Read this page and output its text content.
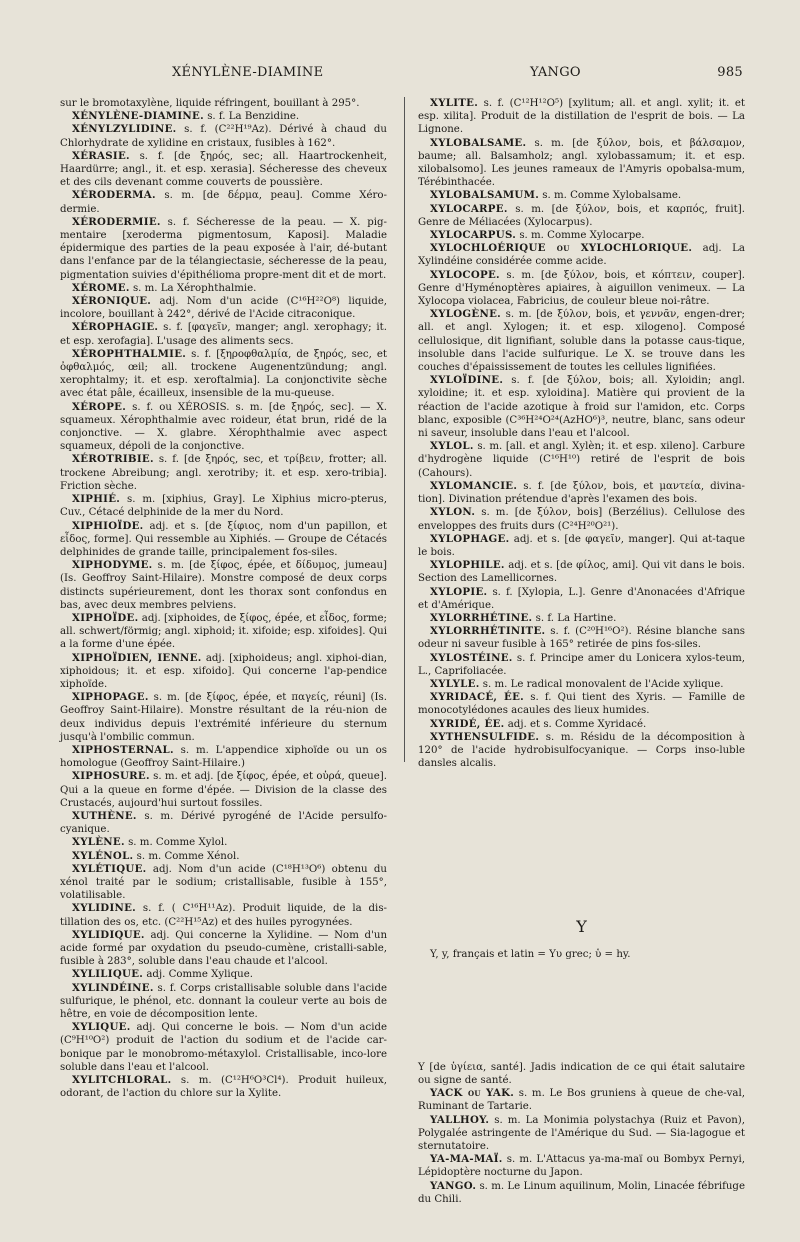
XÉNYLÈNE-DIAMINE	YANGO	985
sur le bromotaxylène, liquide réfringent, bouillant à 295°.
XÉNYLÈNE-DIAMINE. s. f. La Benzidine.
XÉNYLZYLIDINE. s. f. (C²²H¹⁹Az). Dérivé à chaud du Chlorhydrate de xylidine en cristaux, fusibles à 162°.
XÉRASIE. s. f. [de ξηρός, sec; all. Haartrockenheit, Haardürre; angl., it. et esp. xerasia]. Sécheresse des cheveux et des cils devenant comme couverts de poussière.
XÉRODERMA. s. m. [de δέρμα, peau]. Comme Xéro-dermie.
XÉRODERMIE. s. f. Sécheresse de la peau. — X. pig-mentaire [xeroderma pigmentosum, Kaposi]. Maladie épidermique des parties de la peau exposée à l'air, dé-butant dans l'enfance par de la télangiectasie, sécheresse de la peau, pigmentation suivies d'épithélioma propre-ment dit et de mort.
XÉROME. s. m. La Xérophthalmie.
XÉRONIQUE. adj. Nom d'un acide (C¹⁶H²²O⁸) liquide, incolore, bouillant à 242°, dérivé de l'Acide citraconique.
XÉROPHAGIE. s. f. [φαγεῖν, manger; angl. xerophagy; it. et esp. xerofagia]. L'usage des aliments secs.
XÉROPHTHALMIE. s. f. [ξηροφθαλμία, de ξηρός, sec, et ὀφθαλμός, œil; all. trockene Augenentzündung; angl. xerophtalmy; it. et esp. xeroftalmia]. La conjonctivite sèche avec état pâle, écailleux, insensible de la mu-queuse.
XÉROPE. s. f. ou XÉROSIS. s. m. [de ξηρός, sec]. — X. squameux. Xérophthalmie avec roideur, état brun, ridé de la conjonctive. — X. glabre. Xérophthalmie avec aspect squameux, dépoli de la conjonctive.
XÉROTRIBIE. s. f. [de ξηρός, sec, et τρίβειν, frotter; all. trockene Abreibung; angl. xerotriby; it. et esp. xero-tribia]. Friction sèche.
XIPHIÉ. s. m. [xiphius, Gray]. Le Xiphius micro-pterus, Cuv., Cétacé delphinide de la mer du Nord.
XIPHIOÏDE. adj. et s. [de ξίφιος, nom d'un papillon, et εἶδος, forme]. Qui ressemble au Xiphiés. — Groupe de Cétacés delphinides de grande taille, principalement fos-siles.
XIPHODYME. s. m. [de ξίφος, épée, et δίδυμος, jumeau] (Is. Geoffroy Saint-Hilaire). Monstre composé de deux corps distincts supérieurement, dont les thorax sont confondus en bas, avec deux membres pelviens.
XIPHOÏDE. adj. [xiphoides, de ξίφος, épée, et εἶδος, forme; all. schwert/förmig; angl. xiphoid; it. xifoide; esp. xifoides]. Qui a la forme d'une épée.
XIPHOÏDIEN, IENNE. adj. [xiphoideus; angl. xiphoi-dian, xiphoidous; it. et esp. xifoido]. Qui concerne l'ap-pendice xiphoïde.
XIPHOPAGE. s. m. [de ξίφος, épée, et παγείς, réuni] (Is. Geoffroy Saint-Hilaire). Monstre résultant de la réu-nion de deux individus depuis l'extrémité inférieure du sternum jusqu'à l'ombilic commun.
XIPHOSTERNAL. s. m. L'appendice xiphoïde ou un os homologue (Geoffroy Saint-Hilaire.)
XIPHOSURE. s. m. et adj. [de ξίφος, épée, et οὐρά, queue]. Qui a la queue en forme d'épée. — Division de la classe des Crustacés, aujourd'hui surtout fossiles.
XUTHÈNE. s. m. Dérivé pyrogéné de l'Acide persulfo-cyanique.
XYLÈNE. s. m. Comme Xylol.
XYLÉNOL. s. m. Comme Xénol.
XYLÉTIQUE. adj. Nom d'un acide (C¹⁸H¹³O⁶) obtenu du xénol traité par le sodium; cristallisable, fusible à 155°, volatilisable.
XYLIDINE. s. f. ( C¹⁶H¹¹Az). Produit liquide, de la dis-tillation des os, etc. (C²²H¹⁵Az) et des huiles pyrogynées.
XYLIDIQUE. adj. Qui concerne la Xylidine. — Nom d'un acide formé par oxydation du pseudo-cumène, cristalli-sable, fusible à 283°, soluble dans l'eau chaude et l'alcool.
XYLILIQUE. adj. Comme Xylique.
XYLINDÉINE. s. f. Corps cristallisable soluble dans l'acide sulfurique, le phénol, etc. donnant la couleur verte au bois de hêtre, en voie de décomposition lente.
XYLIQUE. adj. Qui concerne le bois. — Nom d'un acide (C⁹H¹⁰O²) produit de l'action du sodium et de l'acide car-bonique par le monobromo-métaxylol. Cristallisable, inco-lore soluble dans l'eau et l'alcool.
XYLITCHLORAL. s. m. (C¹²H⁶O³Cl⁴). Produit huileux, odorant, de l'action du chlore sur la Xylite.
XYLITE. s. f. (C¹²H¹²O⁵) [xylitum; all. et angl. xylit; it. et esp. xilita]. Produit de la distillation de l'esprit de bois. — La Lignone.
XYLOBALSAME. s. m. [de ξύλον, bois, et βάλσαμον, baume; all. Balsamholz; angl. xylobassamum; it. et esp. xilobalsomo]. Les jeunes rameaux de l'Amyris opobalsa-mum, Térébinthacée.
XYLOBALSAMUM. s. m. Comme Xylobalsame.
XYLOCARPE. s. m. [de ξύλον, bois, et καρπός, fruit]. Genre de Méliacées (Xylocarpus).
XYLOCARPUS. s. m. Comme Xylocarpe.
XYLOCHLOÉRIQUE ou XYLOCHLORIQUE. adj. La Xylindéine considérée comme acide.
XYLOCOPE. s. m. [de ξύλον, bois, et κόπτειν, couper]. Genre d'Hyménoptères apiaires, à aiguillon venimeux. — La Xylocopa violacea, Fabricius, de couleur bleue noi-râtre.
XYLOGÈNE. s. m. [de ξύλον, bois, et γεννᾶν, engen-drer; all. et angl. Xylogen; it. et esp. xilogeno]. Composé cellulosique, dit lignifiant, soluble dans la potasse caus-tique, insoluble dans l'acide sulfurique. Le X. se trouve dans les couches d'épaississement de toutes les cellules lignifiées.
XYLOÏDINE. s. f. [de ξύλον, bois; all. Xyloidin; angl. xyloidine; it. et esp. xyloidina]. Matière qui provient de la réaction de l'acide azotique à froid sur l'amidon, etc. Corps blanc, exposible (C³⁶H²⁴O²⁴(AzHO⁶)³, neutre, blanc, sans odeur ni saveur, insoluble dans l'eau et l'alcool.
XYLOL. s. m. [all. et angl. Xylèn; it. et esp. xileno]. Carbure d'hydrogène liquide (C¹⁶H¹⁰) retiré de l'esprit de bois (Cahours).
XYLOMANCIE. s. f. [de ξύλον, bois, et μαντεία, divina-tion]. Divination prétendue d'après l'examen des bois.
XYLON. s. m. [de ξύλον, bois] (Berzélius). Cellulose des enveloppes des fruits durs (C²⁴H²⁰O²¹).
XYLOPHAGE. adj. et s. [de φαγεῖν, manger]. Qui at-taque le bois.
XYLOPHILE. adj. et s. [de φίλος, ami]. Qui vit dans le bois. Section des Lamellicornes.
XYLOPIE. s. f. [Xylopia, L.]. Genre d'Anonacées d'Afrique et d'Amérique.
XYLORRHÉTINE. s. f. La Hartine.
XYLORRHÉTINITE. s. f. (C²⁰H¹⁶O²). Résine blanche sans odeur ni saveur fusible à 165° retirée de pins fos-siles.
XYLOSTÉINE. s. f. Principe amer du Lonicera xylos-teum, L., Caprifoliacée.
XYLYLE. s. m. Le radical monovalent de l'Acide xylique.
XYRIDACÉ, ÉE. s. f. Qui tient des Xyris. — Famille de monocotylédones acaules des lieux humides.
XYRIDÉ, ÉE. adj. et s. Comme Xyridacé.
XYTHENSULFIDE. s. m. Résidu de la décomposition à 120° de l'acide hydrobisulfocyanique. — Corps inso-luble dansles alcalis.
Y
Y, y, français et latin = Υυ grec; ὑ = hy.
Y [de ὑγίεια, santé]. Jadis indication de ce qui était salutaire ou signe de santé.
YACK ou YAK. s. m. Le Bos gruniens à queue de che-val, Ruminant de Tartarie.
YALLHOY. s. m. La Monimia polystachya (Ruiz et Pavon), Polygalée astringente de l'Amérique du Sud. — Sia-lagogue et sternutatoire.
YA-MA-MAÏ. s. m. L'Attacus ya-ma-maï ou Bombyx Pernyi, Lépidoptère nocturne du Japon.
YANGO. s. m. Le Linum aquilinum, Molin, Linacée fébrifuge du Chili.
